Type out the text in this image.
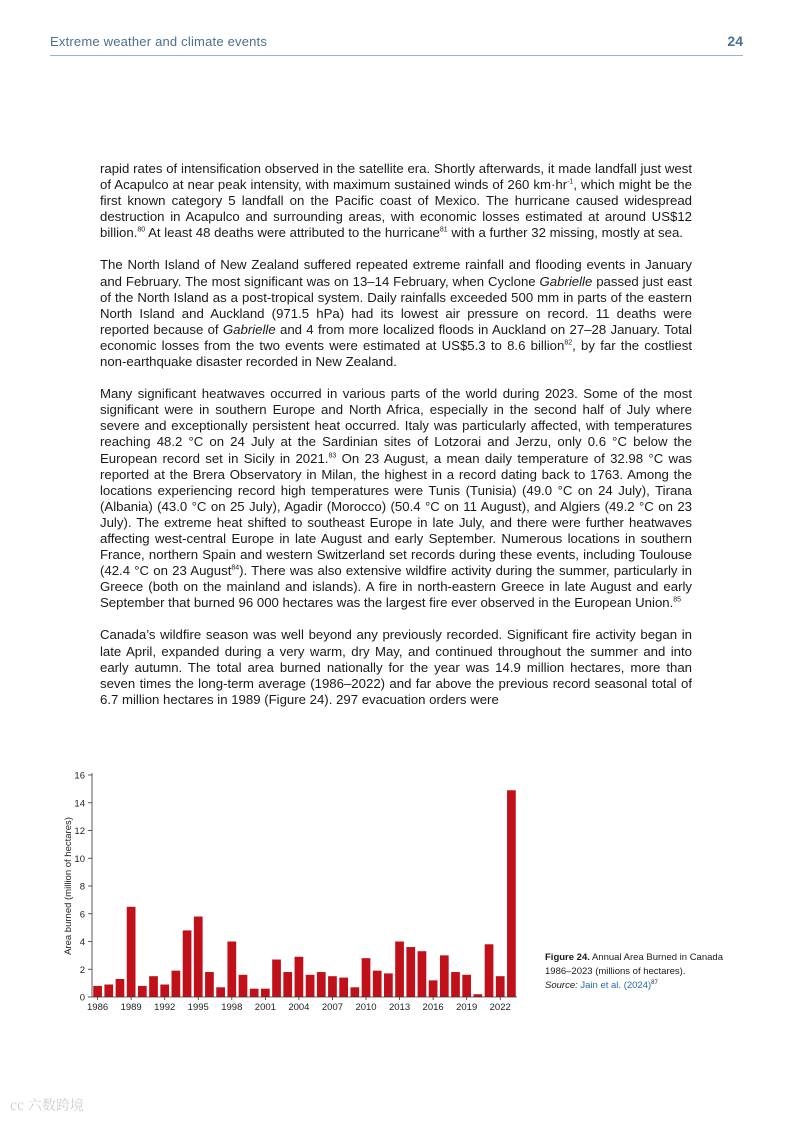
Extreme weather and climate events	24

rapid rates of intensification observed in the satellite era. Shortly afterwards, it made landfall just west of Acapulco at near peak intensity, with maximum sustained winds of 260 $km\cdot hr^{-1}$, which might be the first known category 5 landfall on the Pacific coast of Mexico. The hurricane caused widespread destruction in Acapulco and surrounding areas, with economic losses estimated at around US$12 billion.$^{80}$ At least 48 deaths were attributed to the hurricane$^{81}$ with a further 32 missing, mostly at sea.

The North Island of New Zealand suffered repeated extreme rainfall and flooding events in January and February. The most significant was on 13–14 February, when Cyclone Gabrielle passed just east of the North Island as a post-tropical system. Daily rainfalls exceeded 500 mm in parts of the eastern North Island and Auckland (971.5 hPa) had its lowest air pressure on record. 11 deaths were reported because of Gabrielle and 4 from more localized floods in Auckland on 27–28 January. Total economic losses from the two events were estimated at US$5.3 to 8.6 billion$^{82}$, by far the costliest non-earthquake disaster recorded in New Zealand.

Many significant heatwaves occurred in various parts of the world during 2023. Some of the most significant were in southern Europe and North Africa, especially in the second half of July where severe and exceptionally persistent heat occurred. Italy was particularly affected, with temperatures reaching 48.2 °C on 24 July at the Sardinian sites of Lotzorai and Jerzu, only 0.6 °C below the European record set in Sicily in 2021.83 On 23 August, a mean daily temperature of 32.98 °C was reported at the Brera Observatory in Milan, the highest in a record dating back to 1763. Among the locations experiencing record high temperatures were Tunis (Tunisia) (49.0 °C on 24 July), Tirana (Albania) (43.0 °C on 25 July), Agadir (Morocco) (50.4 °C on 11 August), and Algiers (49.2 °C on 23 July). The extreme heat shifted to southeast Europe in late July, and there were further heatwaves affecting west-central Europe in late August and early September. Numerous locations in southern France, northern Spain and western Switzerland set records during these events, including Toulouse (42.4 °C on 23 August$^{84}$). There was also extensive wildfire activity during the summer, particularly in Greece (both on the mainland and islands). A fire in north-eastern Greece in late August and early September that burned 96 000 hectares was the largest fire ever observed in the European Union.$^{85}$

Canada’s wildfire season was well beyond any previously recorded. Significant fire activity began in late April, expanded during a very warm, dry May, and continued throughout the summer and into early autumn. The total area burned nationally for the year was 14.9 million hectares, more than seven times the long-term average (1986–2022) and far above the previous record seasonal total of 6.7 million hectares in 1989 (Figure 24). 297 evacuation orders were

0
2
4
6
8
10
12
14
16
Area burned (million of hectares)
1986 1989 1992 1995 1998 2001 2004 2007 2010 2013 2016 2019 2022
Figure 24. Annual Area Burned in Canada 1986–2023 (millions of hectares).
Source: Jain et al. $(2024)^{87}$
㏄ 六数跨境
